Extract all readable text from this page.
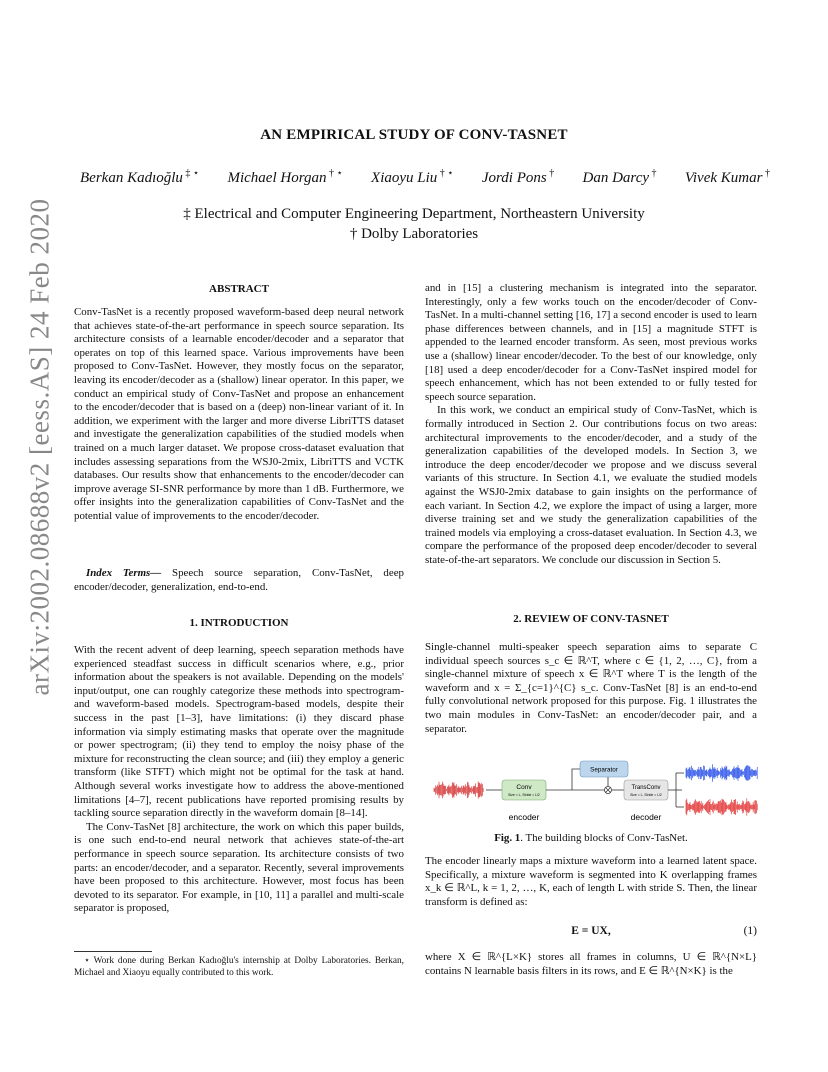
arXiv:2002.08688v2 [eess.AS] 24 Feb 2020
AN EMPIRICAL STUDY OF CONV-TASNET
Berkan Kadıoğlu ‡ ⋆ Michael Horgan † ⋆ Xiaoyu Liu † ⋆ Jordi Pons † Dan Darcy † Vivek Kumar †
‡ Electrical and Computer Engineering Department, Northeastern University
† Dolby Laboratories
ABSTRACT

Conv-TasNet is a recently proposed waveform-based deep neural network that achieves state-of-the-art performance in speech source separation. Its architecture consists of a learnable encoder/decoder and a separator that operates on top of this learned space. Various improvements have been proposed to Conv-TasNet. However, they mostly focus on the separator, leaving its encoder/decoder as a (shallow) linear operator. In this paper, we conduct an empirical study of Conv-TasNet and propose an enhancement to the encoder/decoder that is based on a (deep) non-linear variant of it. In addition, we experiment with the larger and more diverse LibriTTS dataset and investigate the generalization capabilities of the studied models when trained on a much larger dataset. We propose cross-dataset evaluation that includes assessing separations from the WSJ0-2mix, LibriTTS and VCTK databases. Our results show that enhancements to the encoder/decoder can improve average SI-SNR performance by more than 1 dB. Furthermore, we offer insights into the generalization capabilities of Conv-TasNet and the potential value of improvements to the encoder/decoder.

Index Terms— Speech source separation, Conv-TasNet, deep encoder/decoder, generalization, end-to-end.

1. INTRODUCTION

With the recent advent of deep learning, speech separation methods have experienced steadfast success in difficult scenarios where, e.g., prior information about the speakers is not available. Depending on the models' input/output, one can roughly categorize these methods into spectrogram- and waveform-based models. Spectrogram-based models, despite their success in the past [1–3], have limitations: (i) they discard phase information via simply estimating masks that operate over the magnitude or power spectrogram; (ii) they tend to employ the noisy phase of the mixture for reconstructing the clean source; and (iii) they employ a generic transform (like STFT) which might not be optimal for the task at hand. Although several works investigate how to address the above-mentioned limitations [4–7], recent publications have reported promising results by tackling source separation directly in the waveform domain [8–14].

The Conv-TasNet [8] architecture, the work on which this paper builds, is one such end-to-end neural network that achieves state-of-the-art performance in speech source separation. Its architecture consists of two parts: an encoder/decoder, and a separator. Recently, several improvements have been proposed to this architecture. However, most focus has been devoted to its separator. For example, in [10, 11] a parallel and multi-scale separator is proposed,

⋆ Work done during Berkan Kadıoğlu's internship at Dolby Laboratories. Berkan, Michael and Xiaoyu equally contributed to this work.

and in [15] a clustering mechanism is integrated into the separator. Interestingly, only a few works touch on the encoder/decoder of Conv-TasNet. In a multi-channel setting [16, 17] a second encoder is used to learn phase differences between channels, and in [15] a magnitude STFT is appended to the learned encoder transform. As seen, most previous works use a (shallow) linear encoder/decoder. To the best of our knowledge, only [18] used a deep encoder/decoder for a Conv-TasNet inspired model for speech enhancement, which has not been extended to or fully tested for speech source separation.

In this work, we conduct an empirical study of Conv-TasNet, which is formally introduced in Section 2. Our contributions focus on two areas: architectural improvements to the encoder/decoder, and a study of the generalization capabilities of the developed models. In Section 3, we introduce the deep encoder/decoder we propose and we discuss several variants of this structure. In Section 4.1, we evaluate the studied models against the WSJ0-2mix database to gain insights on the performance of each variant. In Section 4.2, we explore the impact of using a larger, more diverse training set and we study the generalization capabilities of the trained models via employing a cross-dataset evaluation. In Section 4.3, we compare the performance of the proposed deep encoder/decoder to several state-of-the-art separators. We conclude our discussion in Section 5.

2. REVIEW OF CONV-TASNET

Single-channel multi-speaker speech separation aims to separate C individual speech sources s_c ∈ ℝ^T, where c ∈ {1, 2, …, C}, from a single-channel mixture of speech x ∈ ℝ^T where T is the length of the waveform and x = Σ_{c=1}^{C} s_c. Conv-TasNet [8] is an end-to-end fully convolutional network proposed for this purpose. Fig. 1 illustrates the two main modules in Conv-TasNet: an encoder/decoder pair, and a separator.

Conv
Size = L, Stride = L/2
Separator
TransConv
Size = L, Stride = L/2
encoder	decoder
Fig. 1. The building blocks of Conv-TasNet.

The encoder linearly maps a mixture waveform into a learned latent space. Specifically, a mixture waveform is segmented into K overlapping frames x_k ∈ ℝ^L, k = 1, 2, …, K, each of length L with stride S. Then, the linear transform is defined as:

E = UX,	(1)

where X ∈ ℝ^{L×K} stores all frames in columns, U ∈ ℝ^{N×L} contains N learnable basis filters in its rows, and E ∈ ℝ^{N×K} is the
